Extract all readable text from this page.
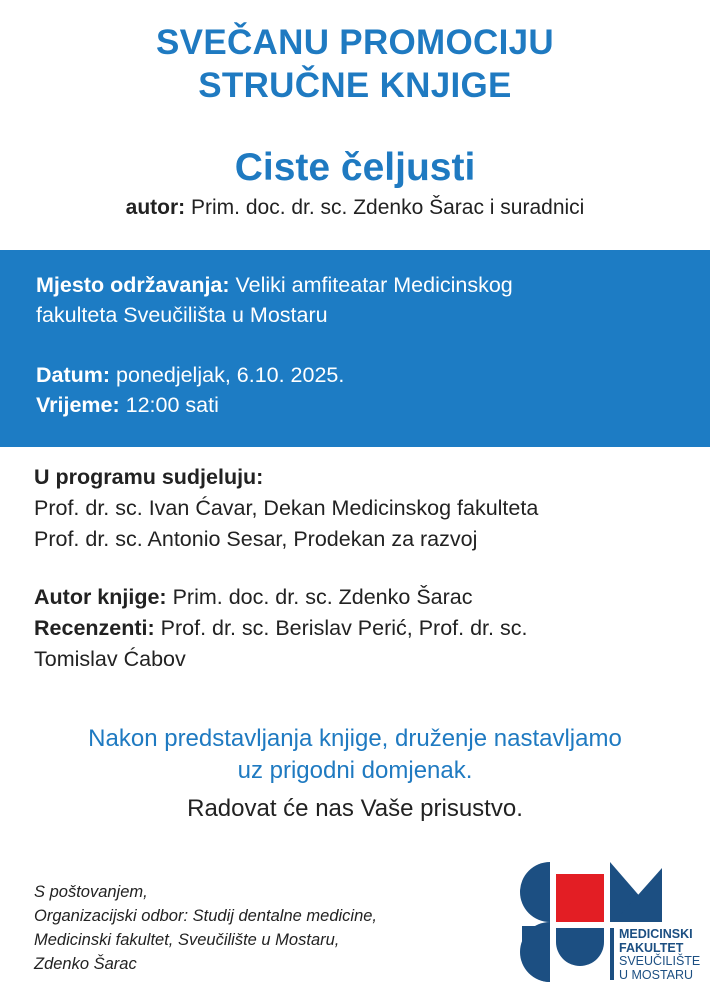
SVEČANU PROMOCIJU
STRUČNE KNJIGE
Ciste čeljusti
autor: Prim. doc. dr. sc. Zdenko Šarac i suradnici
Mjesto održavanja: Veliki amfiteatar Medicinskog
fakulteta Sveučilišta u Mostaru
Datum: ponedjeljak, 6.10. 2025.
Vrijeme: 12:00 sati
U programu sudjeluju:
Prof. dr. sc. Ivan Ćavar, Dekan Medicinskog fakulteta
Prof. dr. sc. Antonio Sesar, Prodekan za razvoj
Autor knjige: Prim. doc. dr. sc. Zdenko Šarac
Recenzenti: Prof. dr. sc. Berislav Perić, Prof. dr. sc.
Tomislav Ćabov
Nakon predstavljanja knjige, druženje nastavljamo
uz prigodni domjenak.
Radovat će nas Vaše prisustvo.
S poštovanjem,
Organizacijski odbor: Studij dentalne medicine,
Medicinski fakultet, Sveučilište u Mostaru,
Zdenko Šarac
MEDICINSKI
FAKULTET
SVEUČILIŠTE
U MOSTARU
